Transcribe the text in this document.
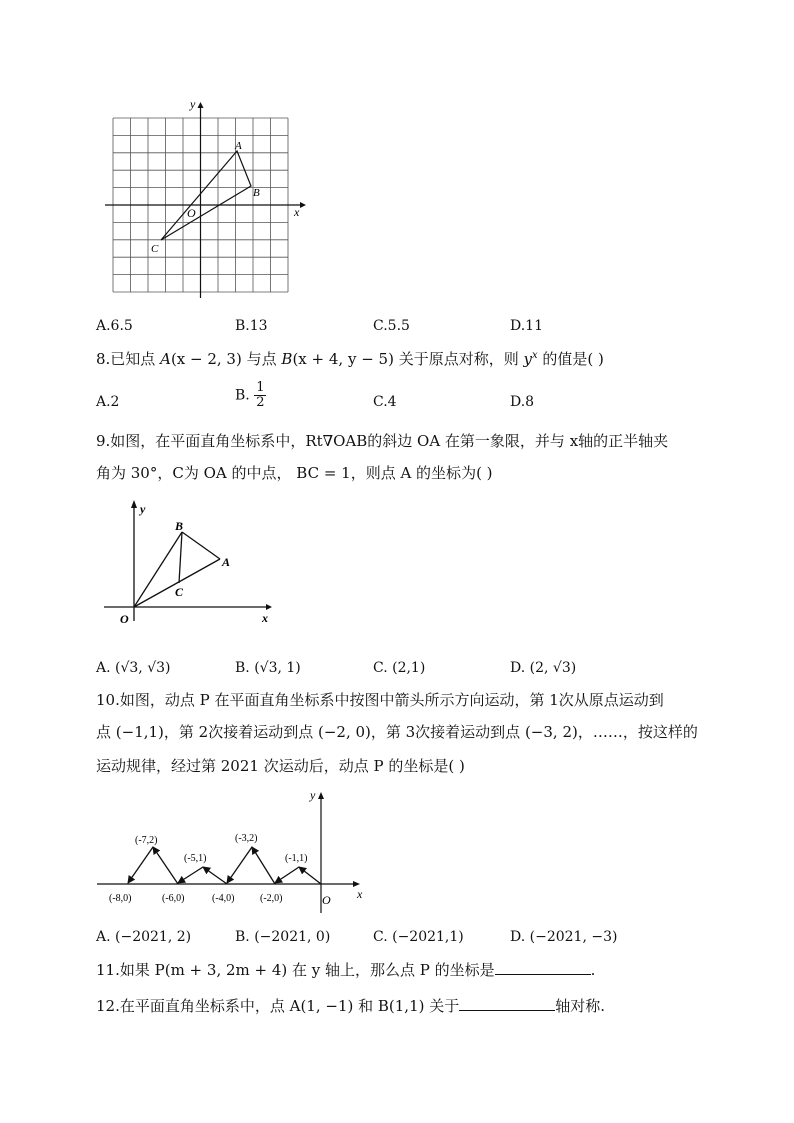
y
x
O
A
B
C
A.6.5	B.13	C.5.5	D.11
8.已知点 A(x − 2, 3) 与点 B(x + 4, y − 5) 关于原点对称，则 $y^x$ 的值是( )
A.2	B. $\frac{1}{2}$	C.4	D.8
9.如图，在平面直角坐标系中，Rt∇OAB的斜边 OA 在第一象限，并与 x轴的正半轴夹
角为 30°，C为 OA 的中点， BC = 1，则点 A 的坐标为( )
y
x
O
B
A
C
A. (√3, √3)	B. (√3, 1)	C. (2,1)	D. (2, √3)
10.如图，动点 P 在平面直角坐标系中按图中箭头所示方向运动，第 1次从原点运动到
点 (−1,1)，第 2次接着运动到点 (−2, 0)，第 3次接着运动到点 (−3, 2)，……，按这样的
运动规律，经过第 2021 次运动后，动点 P 的坐标是( )
(-7,2)
(-5,1)
(-3,2)
(-1,1)
(-8,0)	(-6,0)	(-4,0)	(-2,0)
y
x
O
A. (−2021, 2)	B. (−2021, 0)	C. (−2021,1)	D. (−2021, −3)
11.如果 P(m + 3, 2m + 4) 在 y 轴上，那么点 P 的坐标是	.
12.在平面直角坐标系中，点 A(1, −1) 和 B(1,1) 关于	轴对称.
